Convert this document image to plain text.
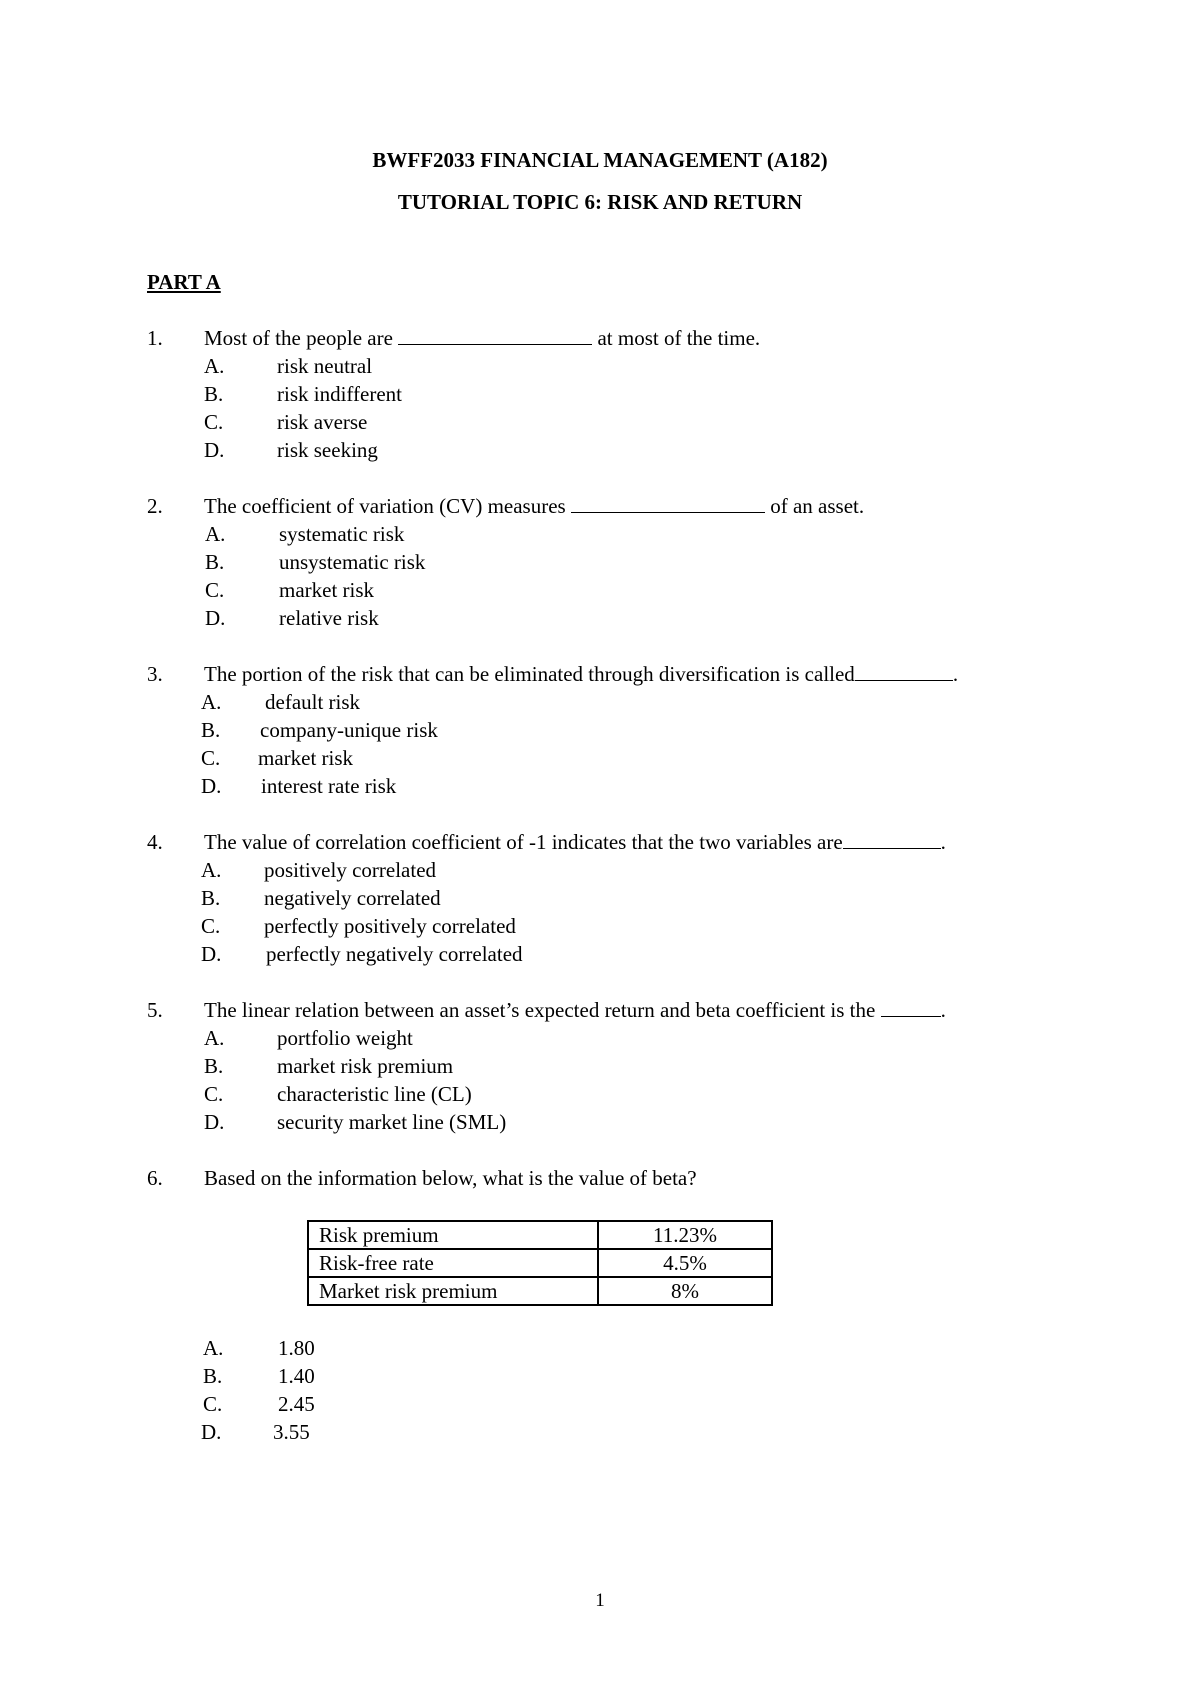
BWFF2033 FINANCIAL MANAGEMENT (A182)
TUTORIAL TOPIC 6: RISK AND RETURN
PART A
1. Most of the people are	at most of the time.
A.	risk neutral
B.	risk indifferent
C.	risk averse
D.	risk seeking
2. The coefficient of variation (CV) measures	of an asset.
A.	systematic risk
B.	unsystematic risk
C.	market risk
D.	relative risk
3. The portion of the risk that can be eliminated through diversification is called	.
A. default risk
B. company-unique risk
C. market risk
D. interest rate risk
4. The value of correlation coefficient of -1 indicates that the two variables are	.
A. positively correlated
B. negatively correlated
C. perfectly positively correlated
D. perfectly negatively correlated
5. The linear relation between an asset’s expected return and beta coefficient is the	.
A.	portfolio weight
B.	market risk premium
C.	characteristic line (CL)
D.	security market line (SML)
6. Based on the information below, what is the value of beta?
Risk premium	11.23%
Risk-free rate	4.5%
Market risk premium	8%
A.	1.80
B.	1.40
C.	2.45
D. 3.55
1
